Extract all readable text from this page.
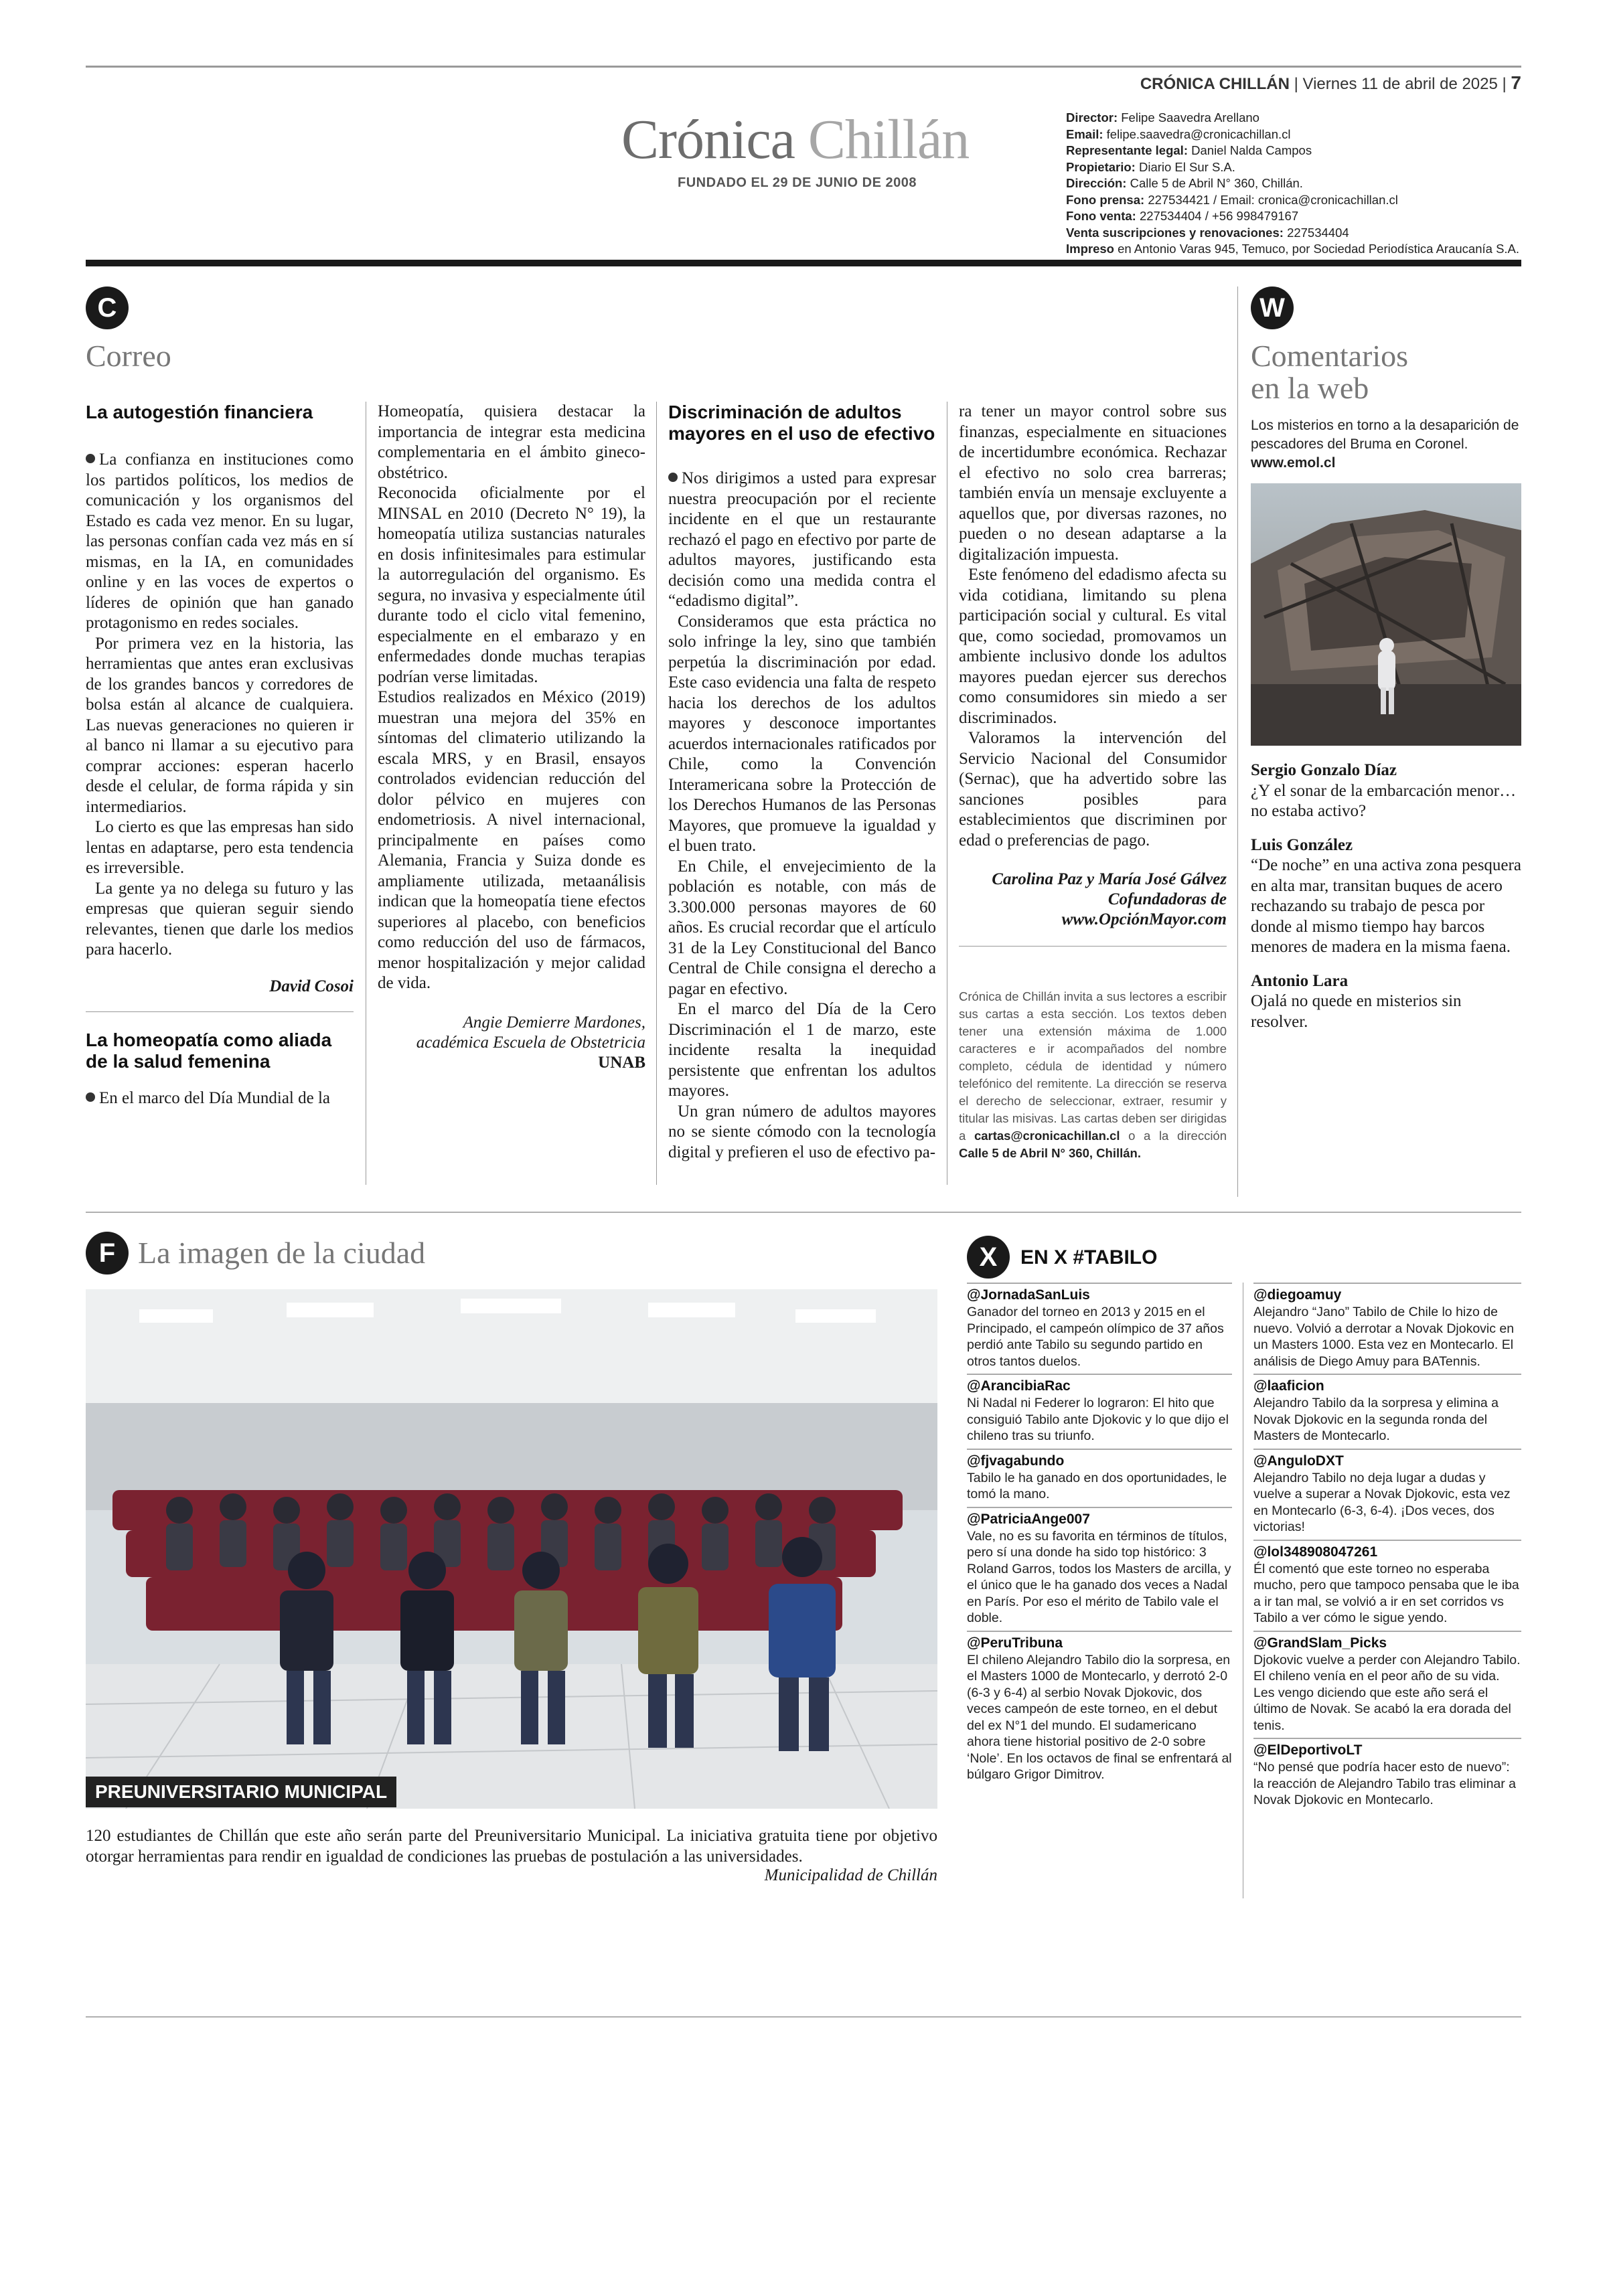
CRÓNICA CHILLÁN | Viernes 11 de abril de 2025 | 7
Crónica Chillán
FUNDADO EL 29 DE JUNIO DE 2008
Director: Felipe Saavedra Arellano
Email: felipe.saavedra@cronicachillan.cl
Representante legal: Daniel Nalda Campos
Propietario: Diario El Sur S.A.
Dirección: Calle 5 de Abril N° 360, Chillán.
Fono prensa: 227534421 / Email: cronica@cronicachillan.cl
Fono venta: 227534404 / +56 998479167
Venta suscripciones y renovaciones: 227534404
Impreso en Antonio Varas 945, Temuco, por Sociedad Periodística Araucanía S.A.
C
Correo
La autogestión financiera

La confianza en instituciones como los partidos políticos, los medios de comunicación y los organismos del Estado es cada vez menor. En su lugar, las personas confían cada vez más en sí mismas, en la IA, en comunidades online y en las voces de expertos o líderes de opinión que han ganado protagonismo en redes sociales.

Por primera vez en la historia, las herramientas que antes eran exclusivas de los grandes bancos y corredores de bolsa están al alcance de cualquiera. Las nuevas generaciones no quieren ir al banco ni llamar a su ejecutivo para comprar acciones: esperan hacerlo desde el celular, de forma rápida y sin intermediarios.

Lo cierto es que las empresas han sido lentas en adaptarse, pero esta tendencia es irreversible.

La gente ya no delega su futuro y las empresas que quieran seguir siendo relevantes, tienen que darle los medios para hacerlo.

David Cosoi
La homeopatía como aliada de la salud femenina

En el marco del Día Mundial de la

Homeopatía, quisiera destacar la importancia de integrar esta medicina complementaria en el ámbito gineco-obstétrico.

Reconocida oficialmente por el MINSAL en 2010 (Decreto N° 19), la homeopatía utiliza sustancias naturales en dosis infinitesimales para estimular la autorregulación del organismo. Es segura, no invasiva y especialmente útil durante todo el ciclo vital femenino, especialmente en el embarazo y en enfermedades donde muchas terapias podrían verse limitadas.

Estudios realizados en México (2019) muestran una mejora del 35% en síntomas del climaterio utilizando la escala MRS, y en Brasil, ensayos controlados evidencian reducción del dolor pélvico en mujeres con endometriosis. A nivel internacional, principalmente en países como Alemania, Francia y Suiza donde es ampliamente utilizada, metaanálisis indican que la homeopatía tiene efectos superiores al placebo, con beneficios como reducción del uso de fármacos, menor hospitalización y mejor calidad de vida.

Angie Demierre Mardones,
académica Escuela de Obstetricia
UNAB
Discriminación de adultos mayores en el uso de efectivo

Nos dirigimos a usted para expresar nuestra preocupación por el reciente incidente en el que un restaurante rechazó el pago en efectivo por parte de adultos mayores, justificando esta decisión como una medida contra el “edadismo digital”.

Consideramos que esta práctica no solo infringe la ley, sino que también perpetúa la discriminación por edad. Este caso evidencia una falta de respeto hacia los derechos de los adultos mayores y desconoce importantes acuerdos internacionales ratificados por Chile, como la Convención Interamericana sobre la Protección de los Derechos Humanos de las Personas Mayores, que promueve la igualdad y el buen trato.

En Chile, el envejecimiento de la población es notable, con más de 3.300.000 personas mayores de 60 años. Es crucial recordar que el artículo 31 de la Ley Constitucional del Banco Central de Chile consigna el derecho a pagar en efectivo.

En el marco del Día de la Cero Discriminación el 1 de marzo, este incidente resalta la inequidad persistente que enfrentan los adultos mayores.

Un gran número de adultos mayores no se siente cómodo con la tecnología digital y prefieren el uso de efectivo pa-

ra tener un mayor control sobre sus finanzas, especialmente en situaciones de incertidumbre económica. Rechazar el efectivo no solo crea barreras; también envía un mensaje excluyente a aquellos que, por diversas razones, no pueden o no desean adaptarse a la digitalización impuesta.

Este fenómeno del edadismo afecta su vida cotidiana, limitando su plena participación social y cultural. Es vital que, como sociedad, promovamos un ambiente inclusivo donde los adultos mayores puedan ejercer sus derechos como consumidores sin miedo a ser discriminados.

Valoramos la intervención del Servicio Nacional del Consumidor (Sernac), que ha advertido sobre las sanciones posibles para establecimientos que discriminen por edad o preferencias de pago.

Carolina Paz y María José Gálvez
Cofundadoras de
www.OpciónMayor.com
Crónica de Chillán invita a sus lectores a escribir sus cartas a esta sección. Los textos deben tener una extensión máxima de 1.000 caracteres e ir acompañados del nombre completo, cédula de identidad y número telefónico del remitente. La dirección se reserva el derecho de seleccionar, extraer, resumir y titular las misivas. Las cartas deben ser dirigidas a cartas@cronicachillan.cl o a la dirección Calle 5 de Abril N° 360, Chillán.
W
Comentarios
en la web
Los misterios en torno a la desaparición de pescadores del Bruma en Coronel.
www.emol.cl
Sergio Gonzalo Díaz
¿Y el sonar de la embarcación menor… no estaba activo?
Luis González
“De noche” en una activa zona pesquera en alta mar, transitan buques de acero rechazando su trabajo de pesca por donde al mismo tiempo hay barcos menores de madera en la misma faena.
Antonio Lara
Ojalá no quede en misterios sin resolver.
F La imagen de la ciudad
PREUNIVERSITARIO MUNICIPAL
120 estudiantes de Chillán que este año serán parte del Preuniversitario Municipal. La iniciativa gratuita tiene por objetivo otorgar herramientas para rendir en igualdad de condiciones las pruebas de postulación a las universidades.
Municipalidad de Chillán
X	EN X #TABILO
@JornadaSanLuis
Ganador del torneo en 2013 y 2015 en el Principado, el campeón olímpico de 37 años perdió ante Tabilo su segundo partido en otros tantos duelos.
@ArancibiaRac
Ni Nadal ni Federer lo lograron: El hito que consiguió Tabilo ante Djokovic y lo que dijo el chileno tras su triunfo.
@fjvagabundo
Tabilo le ha ganado en dos oportunidades, le tomó la mano.
@PatriciaAnge007
Vale, no es su favorita en términos de títulos, pero sí una donde ha sido top histórico: 3 Roland Garros, todos los Masters de arcilla, y el único que le ha ganado dos veces a Nadal en París. Por eso el mérito de Tabilo vale el doble.
@PeruTribuna
El chileno Alejandro Tabilo dio la sorpresa, en el Masters 1000 de Montecarlo, y derrotó 2-0 (6-3 y 6-4) al serbio Novak Djokovic, dos veces campeón de este torneo, en el debut del ex N°1 del mundo. El sudamericano ahora tiene historial positivo de 2-0 sobre ‘Nole’. En los octavos de final se enfrentará al búlgaro Grigor Dimitrov.
@diegoamuy
Alejandro “Jano” Tabilo de Chile lo hizo de nuevo. Volvió a derrotar a Novak Djokovic en un Masters 1000. Esta vez en Montecarlo. El análisis de Diego Amuy para BATennis.
@laaficion
Alejandro Tabilo da la sorpresa y elimina a Novak Djokovic en la segunda ronda del Masters de Montecarlo.
@AnguloDXT
Alejandro Tabilo no deja lugar a dudas y vuelve a superar a Novak Djokovic, esta vez en Montecarlo (6-3, 6-4). ¡Dos veces, dos victorias!
@lol348908047261
Él comentó que este torneo no esperaba mucho, pero que tampoco pensaba que le iba a ir tan mal, se volvió a ir en set corridos vs Tabilo a ver cómo le sigue yendo.
@GrandSlam_Picks
Djokovic vuelve a perder con Alejandro Tabilo. El chileno venía en el peor año de su vida. Les vengo diciendo que este año será el último de Novak. Se acabó la era dorada del tenis.
@ElDeportivoLT
“No pensé que podría hacer esto de nuevo”: la reacción de Alejandro Tabilo tras eliminar a Novak Djokovic en Montecarlo.
